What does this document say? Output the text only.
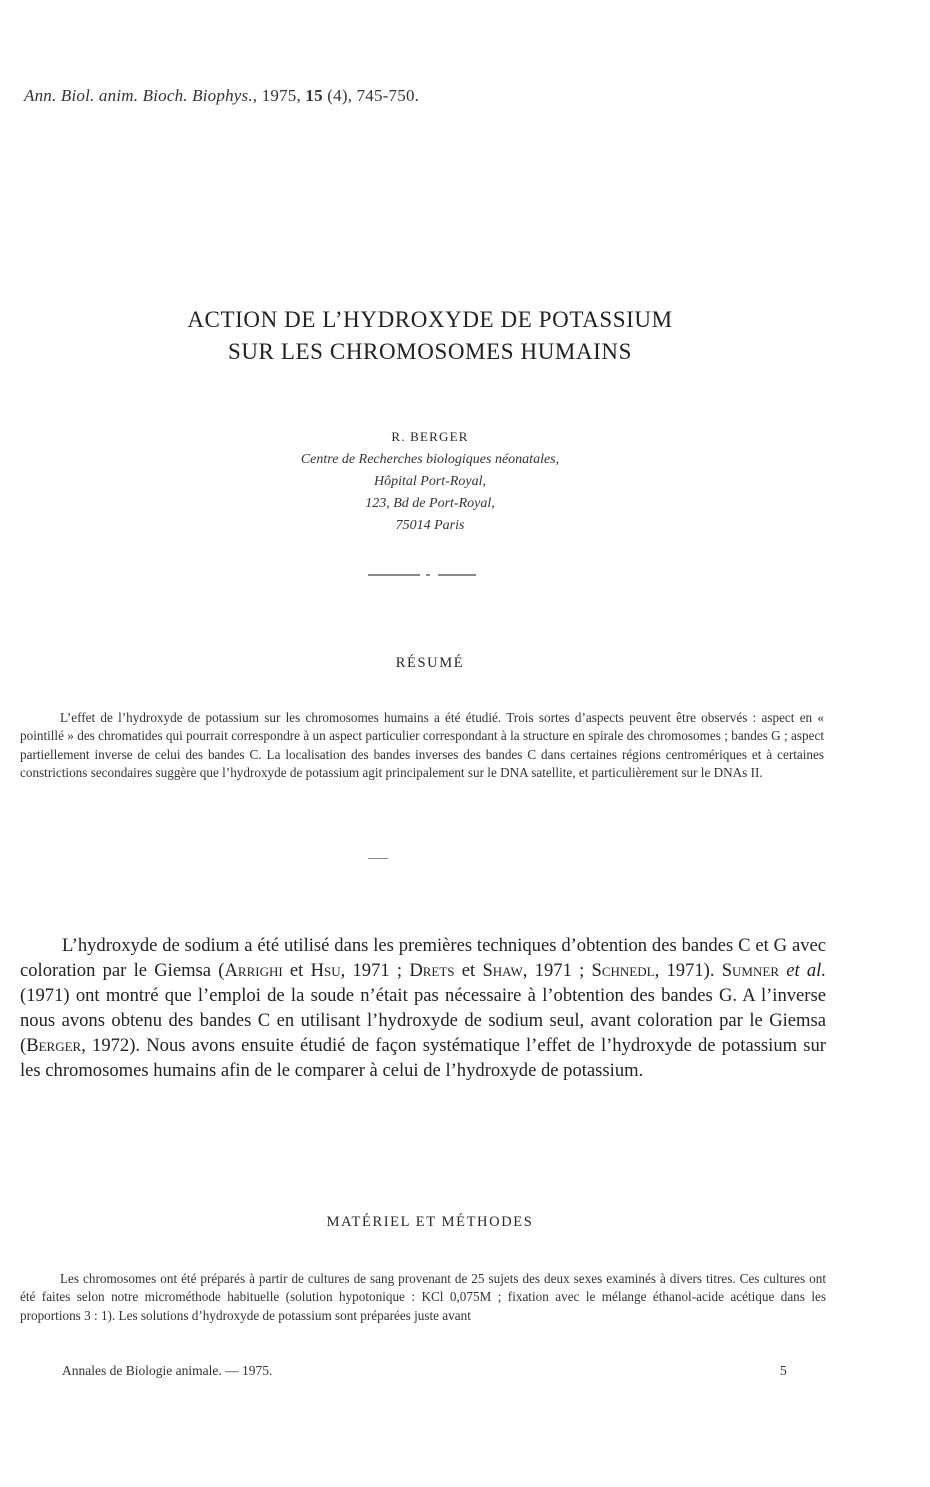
Ann. Biol. anim. Bioch. Biophys., 1975, 15 (4), 745-750.
ACTION DE L’HYDROXYDE DE POTASSIUM
SUR LES CHROMOSOMES HUMAINS
R. BERGER
Centre de Recherches biologiques néonatales,
Hôpital Port-Royal,
123, Bd de Port-Royal,
75014 Paris
RÉSUMÉ
L’effet de l’hydroxyde de potassium sur les chromosomes humains a été étudié. Trois sortes d’aspects peuvent être observés : aspect en « pointillé » des chromatides qui pourrait correspondre à un aspect particulier correspondant à la structure en spirale des chromosomes ; bandes G ; aspect partiellement inverse de celui des bandes C. La localisation des bandes inverses des bandes C dans certaines régions centromériques et à certaines constrictions secondaires suggère que l’hydroxyde de potassium agit principalement sur le DNA satellite, et particulièrement sur le DNAs II.
L’hydroxyde de sodium a été utilisé dans les premières techniques d’obtention des bandes C et G avec coloration par le Giemsa (Arrighi et Hsu, 1971 ; Drets et Shaw, 1971 ; Schnedl, 1971). Sumner et al. (1971) ont montré que l’emploi de la soude n’était pas nécessaire à l’obtention des bandes G. A l’inverse nous avons obtenu des bandes C en utilisant l’hydroxyde de sodium seul, avant coloration par le Giemsa (Berger, 1972). Nous avons ensuite étudié de façon systématique l’effet de l’hydroxyde de potassium sur les chromosomes humains afin de le comparer à celui de l’hydroxyde de potassium.
MATÉRIEL ET MÉTHODES
Les chromosomes ont été préparés à partir de cultures de sang provenant de 25 sujets des deux sexes examinés à divers titres. Ces cultures ont été faites selon notre microméthode habituelle (solution hypotonique : KCl 0,075M ; fixation avec le mélange éthanol-acide acétique dans les proportions 3 : 1). Les solutions d’hydroxyde de potassium sont préparées juste avant
Annales de Biologie animale. — 1975.	5
